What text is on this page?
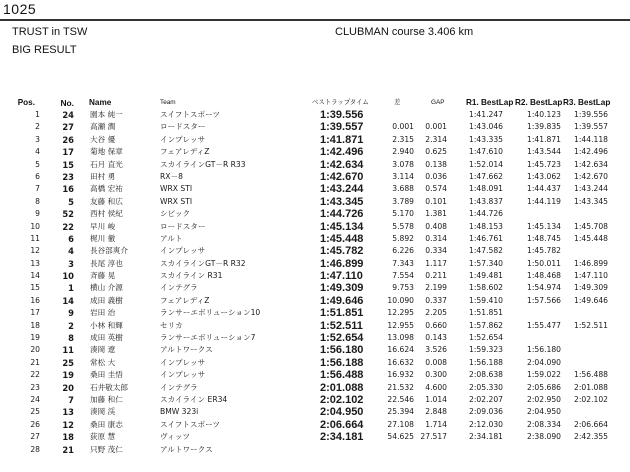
1025
TRUST in TSW	CLUBMAN course 3.406 km
BIG RESULT
Pos.	No. Name	Team	ベストラップタイム	差	GAP	R1. BestLap R2. BestLap R3. BestLap
1	24 園本 純一	スイフトスポーツ	1:39.556	1:41.247	1:40.123 1:39.556
2	27 高瀬 潤	ロードスター	1:39.557	0.001 0.001	1:43.046	1:39.835 1:39.557
3	26 大谷 優	インプレッサ	1:41.871	2.315 2.314	1:43.335	1:41.871 1:44.118
4	17 菊地 保章	フェアレディZ	1:42.496	2.940 0.625	1:47.610	1:43.544 1:42.496
5	15 石月 直光	スカイラインGT－R R33	1:42.634	3.078 0.138	1:52.014	1:45.723 1:42.634
6	23 田村 勇	RX－8	1:42.670	3.114 0.036	1:47.662	1:43.062 1:42.670
7	16 高橋 宏祐	WRX STI	1:43.244	3.688 0.574	1:48.091	1:44.437 1:43.244
8	5 友藤 和広	WRX STI	1:43.345	3.789 0.101	1:43.837	1:44.119 1:43.345
9	52 西村 侯紀	シビック	1:44.726	5.170 1.381	1:44.726
10	22 早川 峻	ロードスター	1:45.134	5.578 0.408	1:48.153	1:45.134 1:45.708
11	6 梶川 徹	アルト	1:45.448	5.892 0.314	1:46.761	1:48.745 1:45.448
12	4 長谷部爽介	インプレッサ	1:45.782	6.226 0.334	1:47.582	1:45.782
13	3 長尾 淳也	スカイラインGT－R R32	1:46.899	7.343 1.117	1:57.340	1:50.011 1:46.899
14	10 斉藤 晃	スカイライン R31	1:47.110	7.554 0.211	1:49.481	1:48.468 1:47.110
15	1 横山 介源	インテグラ	1:49.309	9.753 2.199	1:58.602	1:54.974 1:49.309
16	14 成田 義樹	フェアレディZ	1:49.646	10.090 0.337	1:59.410	1:57.566 1:49.646
17	9 岩田 治	ランサーエボリューション10	1:51.851	12.295 2.205	1:51.851
18	2 小林 和輝	セリカ	1:52.511	12.955 0.660	1:57.862	1:55.477 1:52.511
19	8 成田 英樹	ランサーエボリューション7	1:52.654	13.098 0.143	1:52.654
20	11 湊岡 遼	アルトワークス	1:56.180	16.624 3.526	1:59.323	1:56.180
21	25 常松 大	インプレッサ	1:56.188	16.632 0.008	1:56.188	2:04.090
22	19 桑田 圭悟	インプレッサ	1:56.488	16.932 0.300	2:08.638	1:59.022 1:56.488
23	20 石井敬太郎	インテグラ	2:01.088	21.532 4.600	2:05.330	2:05.686 2:01.088
24	7 加藤 和仁	スカイライン ER34	2:02.102	22.546 1.014	2:02.207	2:02.950 2:02.102
25	13 湊岡 渓	BMW 323i	2:04.950	25.394 2.848	2:09.036	2:04.950
26	12 桑田 康志	スイフトスポーツ	2:06.664	27.108 1.714	2:12.030	2:08.334 2:06.664
27	18 荻原 慧	ヴィッツ	2:34.181	54.625 27.517	2:34.181	2:38.090 2:42.355
28	21 只野 茂仁	アルトワークス
